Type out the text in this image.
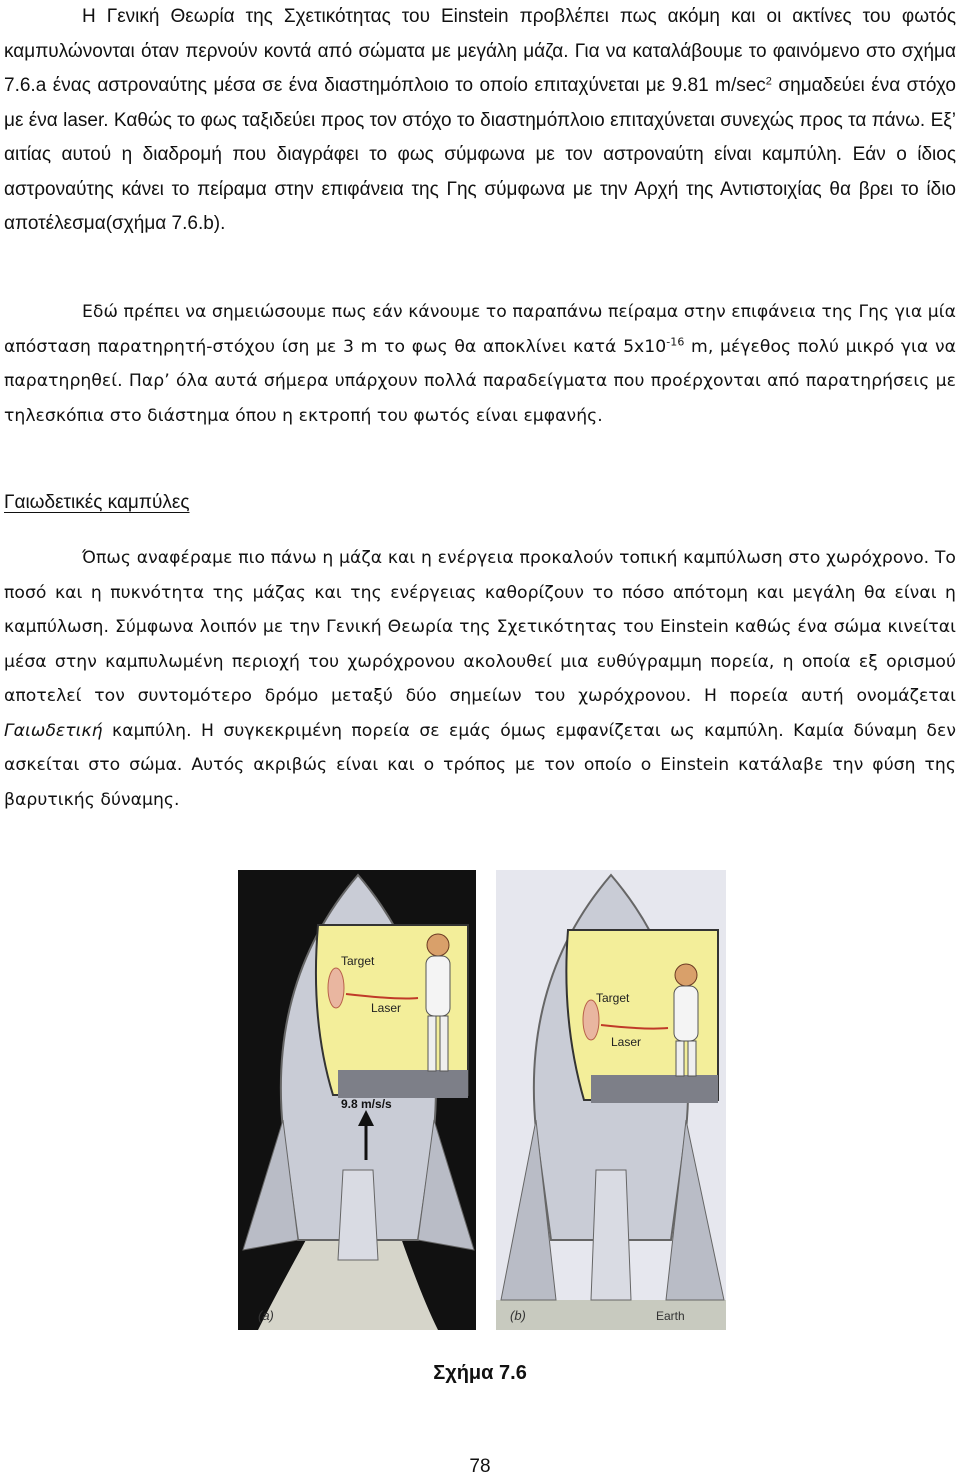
Η Γενική Θεωρία της Σχετικότητας του Einstein προβλέπει πως ακόμη και οι ακτίνες του φωτός καμπυλώνονται όταν περνούν κοντά από σώματα με μεγάλη μάζα. Για να καταλάβουμε το φαινόμενο στο σχήμα 7.6.a ένας αστροναύτης μέσα σε ένα διαστημόπλοιο το οποίο επιταχύνεται με 9.81 $m/\sec^2$ σημαδεύει ένα στόχο με ένα laser. Καθώς το φως ταξιδεύει προς τον στόχο το διαστημόπλοιο επιταχύνεται συνεχώς προς τα πάνω. Εξ’ αιτίας αυτού η διαδρομή που διαγράφει το φως σύμφωνα με τον αστροναύτη είναι καμπύλη. Εάν ο ίδιος αστροναύτης κάνει το πείραμα στην επιφάνεια της Γης σύμφωνα με την Αρχή της Αντιστοιχίας θα βρει το ίδιο αποτέλεσμα(σχήμα 7.6.b).

Εδώ πρέπει να σημειώσουμε πως εάν κάνουμε το παραπάνω πείραμα στην επιφάνεια της Γης για μία απόσταση παρατηρητή-στόχου ίση με 3 m το φως θα αποκλίνει κατά $5x10^{-16}$ m, μέγεθος πολύ μικρό για να παρατηρηθεί. Παρ’ όλα αυτά σήμερα υπάρχουν πολλά παραδείγματα που προέρχονται από παρατηρήσεις με τηλεσκόπια στο διάστημα όπου η εκτροπή του φωτός είναι εμφανής.

Γαιωδετικές καμπύλες

Όπως αναφέραμε πιο πάνω η μάζα και η ενέργεια προκαλούν τοπική καμπύλωση στο χωρόχρονο. Το ποσό και η πυκνότητα της μάζας και της ενέργειας καθορίζουν το πόσο απότομη και μεγάλη θα είναι η καμπύλωση. Σύμφωνα λοιπόν με την Γενική Θεωρία της Σχετικότητας του Einstein καθώς ένα σώμα κινείται μέσα στην καμπυλωμένη περιοχή του χωρόχρονου ακολουθεί μια ευθύγραμμη πορεία, η οποία εξ ορισμού αποτελεί τον συντομότερο δρόμο μεταξύ δύο σημείων του χωρόχρονου. Η πορεία αυτή ονομάζεται Γαιωδετική καμπύλη. Η συγκεκριμένη πορεία σε εμάς όμως εμφανίζεται ως καμπύλη. Καμία δύναμη δεν ασκείται στο σώμα. Αυτός ακριβώς είναι και ο τρόπος με τον οποίο ο Einstein κατάλαβε την φύση της βαρυτικής δύναμης.

Target
Laser
9.8 m/s/s
(a)
Target
Laser
(b)	Earth
Σχήμα 7.6
78
